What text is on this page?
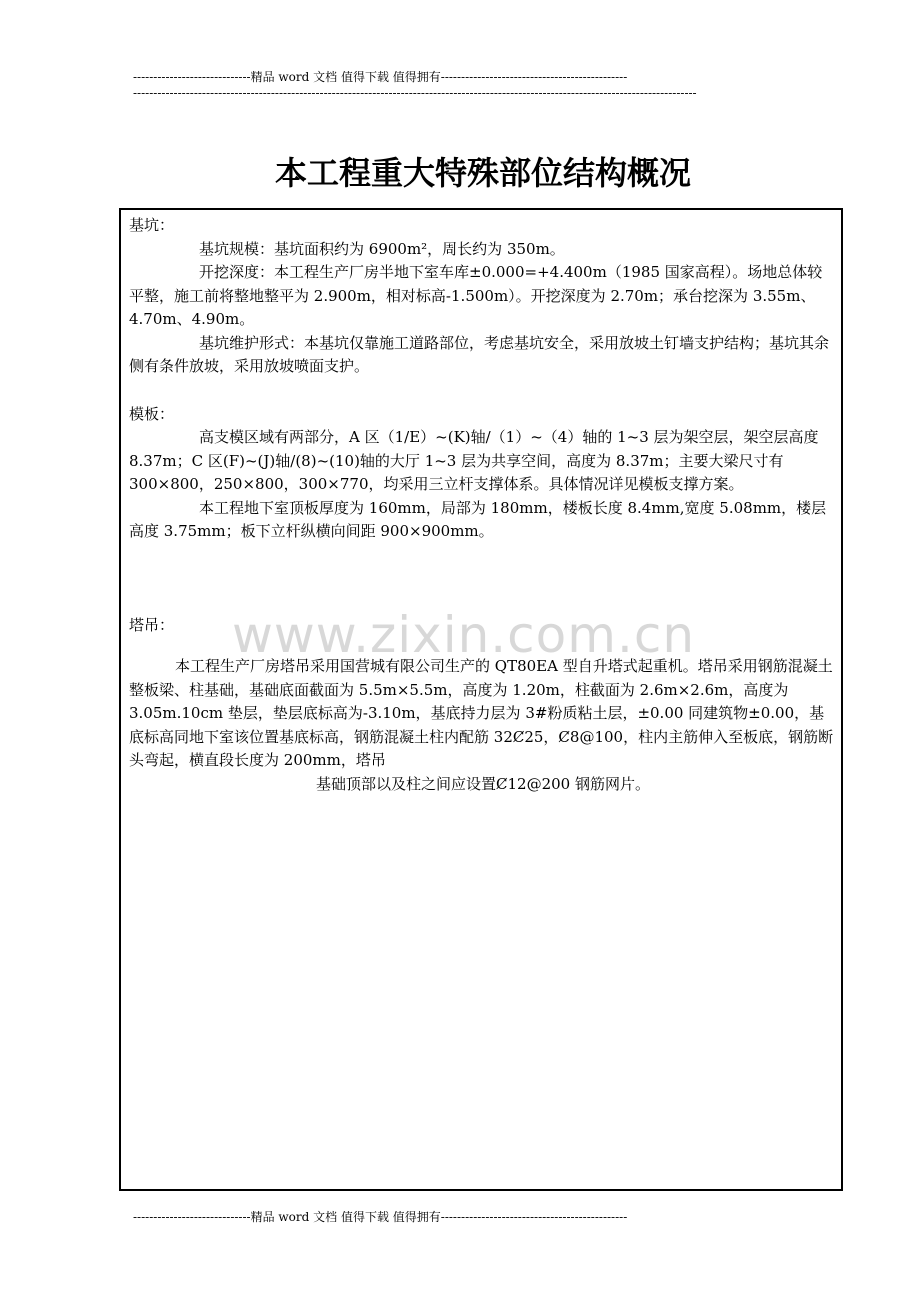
-----------------------------精品 word 文档 值得下载 值得拥有----------------------------------------------
-------------------------------------------------------------------------------------------------------------------------------------------
本工程重大特殊部位结构概况

基坑：

基坑规模：基坑面积约为 6900m²，周长约为 350m。

开挖深度：本工程生产厂房半地下室车库±0.000=+4.400m（1985 国家高程）。场地总体较平整，施工前将整地整平为 2.900m，相对标高-1.500m）。开挖深度为 2.70m；承台挖深为 3.55m、4.70m、4.90m。

基坑维护形式：本基坑仅靠施工道路部位，考虑基坑安全，采用放坡土钉墙支护结构；基坑其余侧有条件放坡，采用放坡喷面支护。

模板：

高支模区域有两部分，A 区（1/E）~(K)轴/（1）~（4）轴的 1~3 层为架空层，架空层高度 8.37m；C 区(F)~(J)轴/(8)~(10)轴的大厅 1~3 层为共享空间，高度为 8.37m；主要大梁尺寸有 300×800，250×800，300×770，均采用三立杆支撑体系。具体情况详见模板支撑方案。

本工程地下室顶板厚度为 160mm，局部为 180mm，楼板长度 8.4mm,宽度 5.08mm，楼层高度 3.75mm；板下立杆纵横向间距 900×900mm。

塔吊：

本工程生产厂房塔吊采用国营城有限公司生产的 QT80EA 型自升塔式起重机。塔吊采用钢筋混凝土整板梁、柱基础，基础底面截面为 5.5m×5.5m，高度为 1.20m，柱截面为 2.6m×2.6m，高度为 3.05m.10cm 垫层，垫层底标高为-3.10m，基底持力层为 3#粉质粘土层，±0.00 同建筑物±0.00，基底标高同地下室该位置基底标高，钢筋混凝土柱内配筋 32Ȼ25，Ȼ8@100，柱内主筋伸入至板底，钢筋断头弯起，横直段长度为 200mm，塔吊

基础顶部以及柱之间应设置Ȼ12@200 钢筋网片。

www.zixin.com.cn
-----------------------------精品 word 文档 值得下载 值得拥有----------------------------------------------
